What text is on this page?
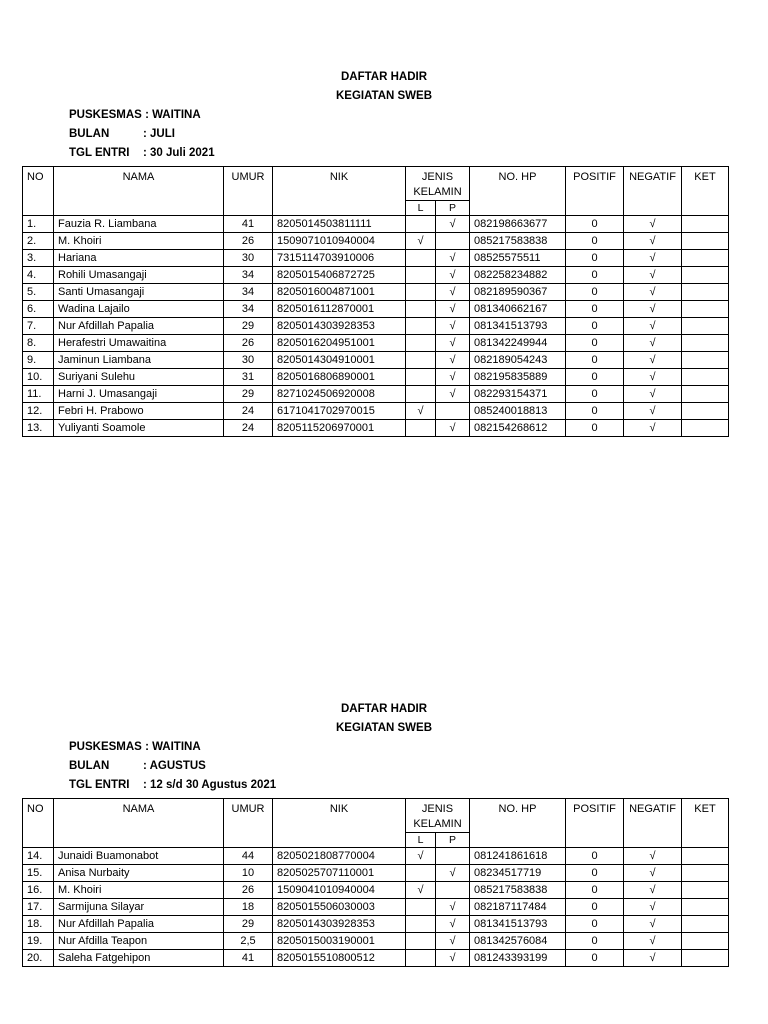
DAFTAR HADIR
KEGIATAN SWEB
PUSKESMAS
: WAITINA
BULAN	: JULI
TGL ENTRI	: 30 Juli 2021
NO	NAMA	UMUR	NIK	JENIS
KELAMIN		NO. HP	POSITIF	NEGATIF	KET
				L	P				
1.	Fauzia R. Liambana	41	8205014503811111		√	082198663677	0	√	
2.	M. Khoiri	26	1509071010940004	√		085217583838	0	√	
3.	Hariana	30	7315114703910006		√	08525575511	0	√	
4.	Rohili Umasangaji	34	8205015406872725		√	082258234882	0	√	
5.	Santi Umasangaji	34	8205016004871001		√	082189590367	0	√	
6.	Wadina Lajailo	34	8205016112870001		√	081340662167	0	√	
7.	Nur Afdillah Papalia	29	8205014303928353		√	081341513793	0	√	
8.	Herafestri Umawaitina	26	8205016204951001		√	081342249944	0	√	
9.	Jaminun Liambana	30	8205014304910001		√	082189054243	0	√	
10.	Suriyani Sulehu	31	8205016806890001		√	082195835889	0	√	
11.	Harni J. Umasangaji	29	8271024506920008		√	082293154371	0	√	
12.	Febri H. Prabowo	24	6171041702970015	√		085240018813	0	√	
13.	Yuliyanti Soamole	24	8205115206970001		√	082154268612	0	√	
DAFTAR HADIR
KEGIATAN SWEB
PUSKESMAS
: WAITINA
BULAN	: AGUSTUS
TGL ENTRI	: 12 s/d 30 Agustus 2021
NO	NAMA	UMUR	NIK	JENIS
KELAMIN		NO. HP	POSITIF	NEGATIF	KET
				L	P				
14.	Junaidi Buamonabot	44	8205021808770004	√		081241861618	0	√	
15.	Anisa Nurbaity	10	8205025707110001		√	08234517719	0	√	
16.	M. Khoiri	26	1509041010940004	√		085217583838	0	√	
17.	Sarmijuna Silayar	18	8205015506030003		√	082187117484	0	√	
18.	Nur Afdillah Papalia	29	8205014303928353		√	081341513793	0	√	
19.	Nur Afdilla Teapon	2,5	8205015003190001		√	081342576084	0	√	
20.	Saleha Fatgehipon	41	8205015510800512		√	081243393199	0	√	
